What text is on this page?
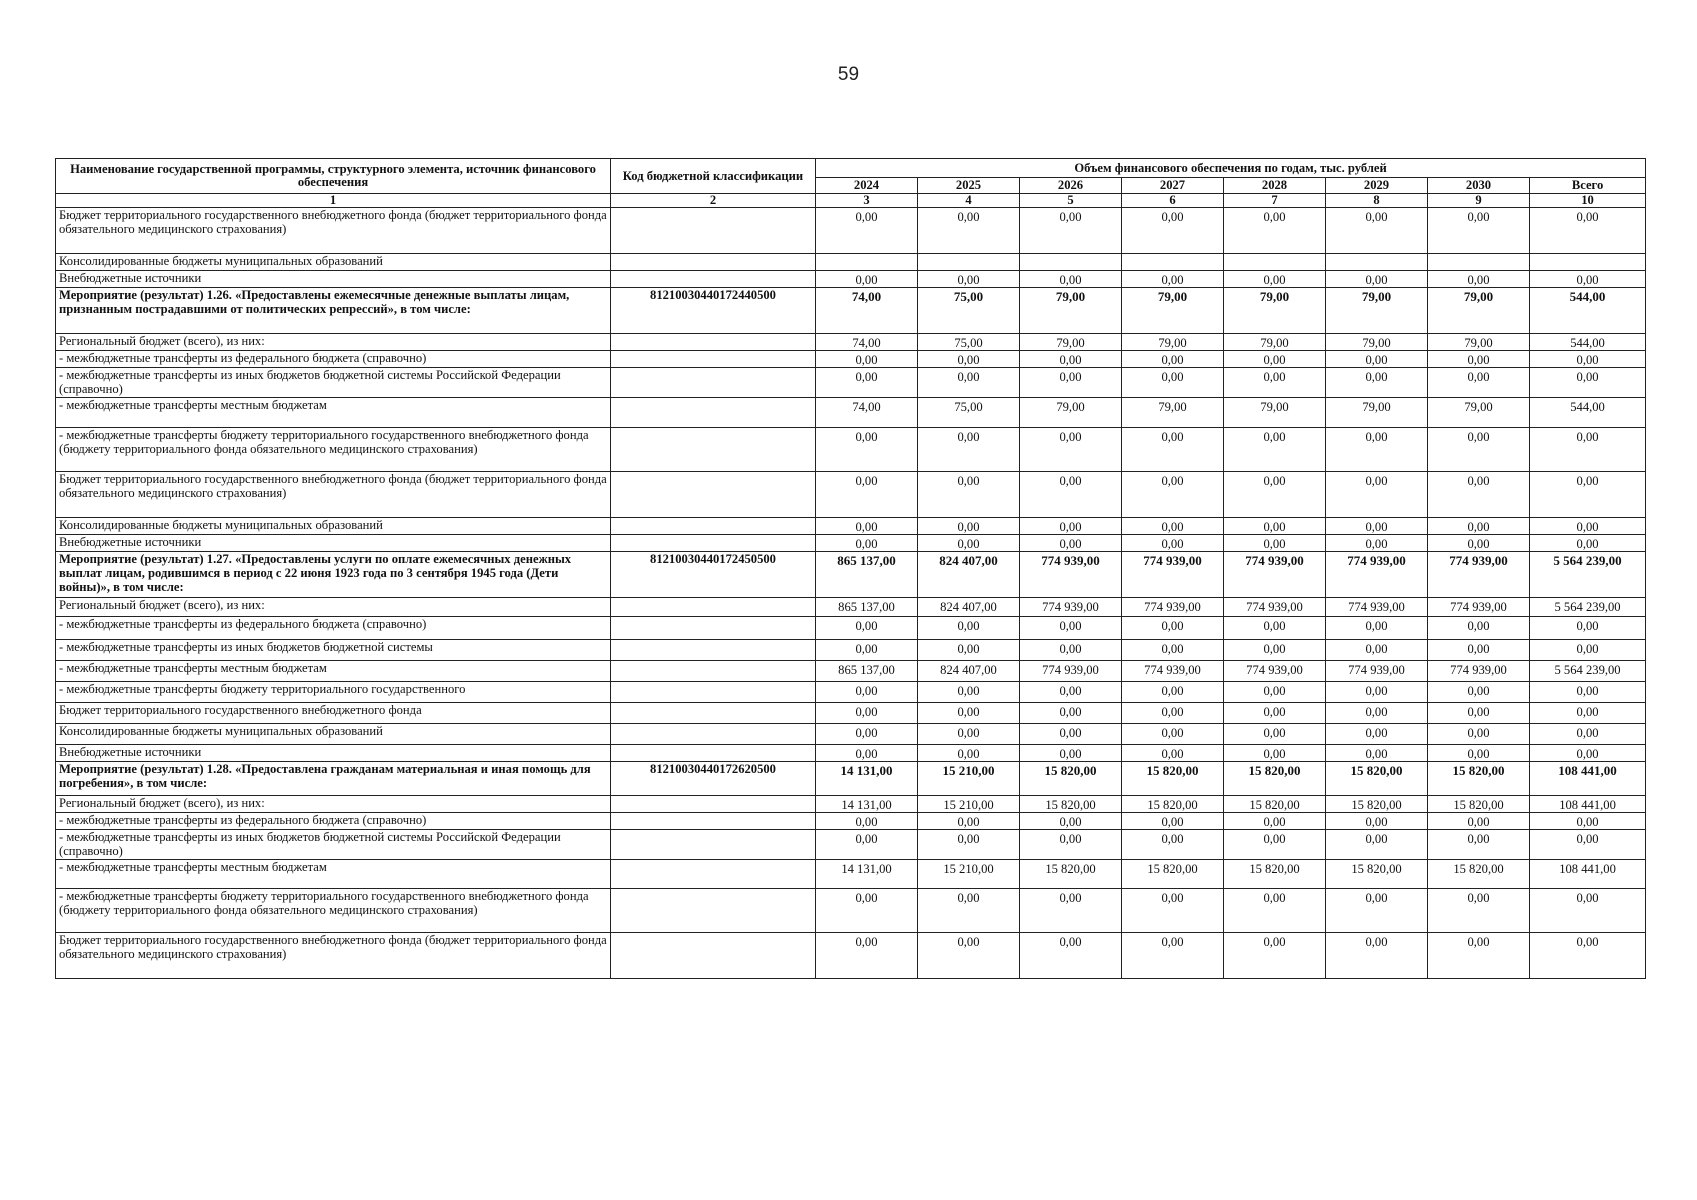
59
Наименование государственной программы, структурного элемента, источник финансового обеспечения	Код бюджетной классификации	Объем финансового обеспечения по годам, тыс. рублей							
		2024	2025	2026	2027	2028	2029	2030	Всего
1	2	3	4	5	6	7	8	9	10
Бюджет территориального государственного внебюджетного фонда (бюджет территориального фонда обязательного медицинского страхования)		0,00	0,00	0,00	0,00	0,00	0,00	0,00	0,00
Консолидированные бюджеты муниципальных образований									
Внебюджетные источники		0,00	0,00	0,00	0,00	0,00	0,00	0,00	0,00
Мероприятие (результат) 1.26. «Предоставлены ежемесячные денежные выплаты лицам, признанным пострадавшими от политических репрессий», в том числе:	81210030440172440500	74,00	75,00	79,00	79,00	79,00	79,00	79,00	544,00
Региональный бюджет (всего), из них:		74,00	75,00	79,00	79,00	79,00	79,00	79,00	544,00
- межбюджетные трансферты из федерального бюджета (справочно)		0,00	0,00	0,00	0,00	0,00	0,00	0,00	0,00
- межбюджетные трансферты из иных бюджетов бюджетной системы Российской Федерации (справочно)		0,00	0,00	0,00	0,00	0,00	0,00	0,00	0,00
- межбюджетные трансферты местным бюджетам		74,00	75,00	79,00	79,00	79,00	79,00	79,00	544,00
- межбюджетные трансферты бюджету территориального государственного внебюджетного фонда (бюджету территориального фонда обязательного медицинского страхования)		0,00	0,00	0,00	0,00	0,00	0,00	0,00	0,00
Бюджет территориального государственного внебюджетного фонда (бюджет территориального фонда обязательного медицинского страхования)		0,00	0,00	0,00	0,00	0,00	0,00	0,00	0,00
Консолидированные бюджеты муниципальных образований		0,00	0,00	0,00	0,00	0,00	0,00	0,00	0,00
Внебюджетные источники		0,00	0,00	0,00	0,00	0,00	0,00	0,00	0,00
Мероприятие (результат) 1.27. «Предоставлены услуги по оплате ежемесячных денежных выплат лицам, родившимся в период с 22 июня 1923 года по 3 сентября 1945 года (Дети войны)», в том числе:	81210030440172450500	865 137,00	824 407,00	774 939,00	774 939,00	774 939,00	774 939,00	774 939,00	5 564 239,00
Региональный бюджет (всего), из них:		865 137,00	824 407,00	774 939,00	774 939,00	774 939,00	774 939,00	774 939,00	5 564 239,00
- межбюджетные трансферты из федерального бюджета (справочно)		0,00	0,00	0,00	0,00	0,00	0,00	0,00	0,00
- межбюджетные трансферты из иных бюджетов бюджетной системы		0,00	0,00	0,00	0,00	0,00	0,00	0,00	0,00
- межбюджетные трансферты местным бюджетам		865 137,00	824 407,00	774 939,00	774 939,00	774 939,00	774 939,00	774 939,00	5 564 239,00
- межбюджетные трансферты бюджету территориального государственного		0,00	0,00	0,00	0,00	0,00	0,00	0,00	0,00
Бюджет территориального государственного внебюджетного фонда		0,00	0,00	0,00	0,00	0,00	0,00	0,00	0,00
Консолидированные бюджеты муниципальных образований		0,00	0,00	0,00	0,00	0,00	0,00	0,00	0,00
Внебюджетные источники		0,00	0,00	0,00	0,00	0,00	0,00	0,00	0,00
Мероприятие (результат) 1.28. «Предоставлена гражданам материальная и иная помощь для погребения», в том числе:	81210030440172620500	14 131,00	15 210,00	15 820,00	15 820,00	15 820,00	15 820,00	15 820,00	108 441,00
Региональный бюджет (всего), из них:		14 131,00	15 210,00	15 820,00	15 820,00	15 820,00	15 820,00	15 820,00	108 441,00
- межбюджетные трансферты из федерального бюджета (справочно)		0,00	0,00	0,00	0,00	0,00	0,00	0,00	0,00
- межбюджетные трансферты из иных бюджетов бюджетной системы Российской Федерации (справочно)		0,00	0,00	0,00	0,00	0,00	0,00	0,00	0,00
- межбюджетные трансферты местным бюджетам		14 131,00	15 210,00	15 820,00	15 820,00	15 820,00	15 820,00	15 820,00	108 441,00
- межбюджетные трансферты бюджету территориального государственного внебюджетного фонда (бюджету территориального фонда обязательного медицинского страхования)		0,00	0,00	0,00	0,00	0,00	0,00	0,00	0,00
Бюджет территориального государственного внебюджетного фонда (бюджет территориального фонда обязательного медицинского страхования)		0,00	0,00	0,00	0,00	0,00	0,00	0,00	0,00
